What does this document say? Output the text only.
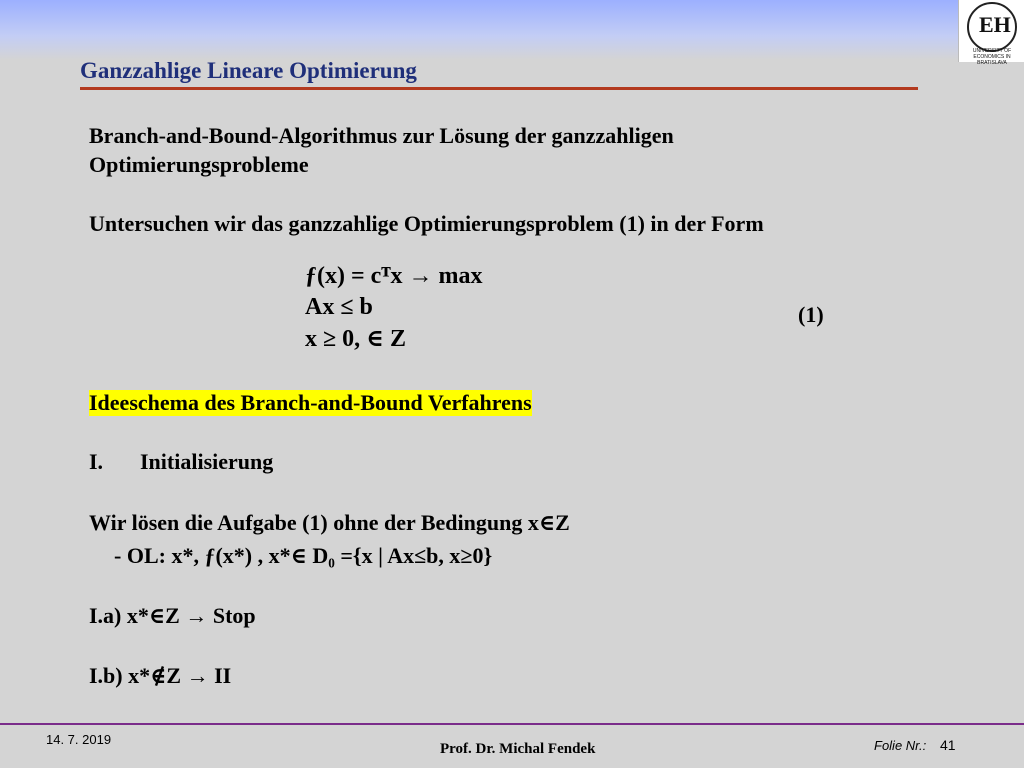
EH
UNIVERSITY OF ECONOMICS IN BRATISLAVA
Ganzzahlige Lineare Optimierung
Branch-and-Bound-Algorithmus zur Lösung der ganzzahligen
Optimierungsprobleme
Untersuchen wir das ganzzahlige Optimierungsproblem (1) in der Form
ƒ(x) = cᵀx → max
Ax ≤ b
x ≥ 0, ∈ Z
(1)
Ideeschema des Branch-and-Bound Verfahrens
I. Initialisierung
Wir lösen die Aufgabe (1) ohne der Bedingung x∈Z
- OL: x*, ƒ(x*) , x*∈ D₀ ={x | Ax≤b, x≥0}
I.a) x*∈Z → Stop
I.b) x*∉Z → II
14. 7. 2019
Prof. Dr. Michal Fendek	Folie Nr.: 41
